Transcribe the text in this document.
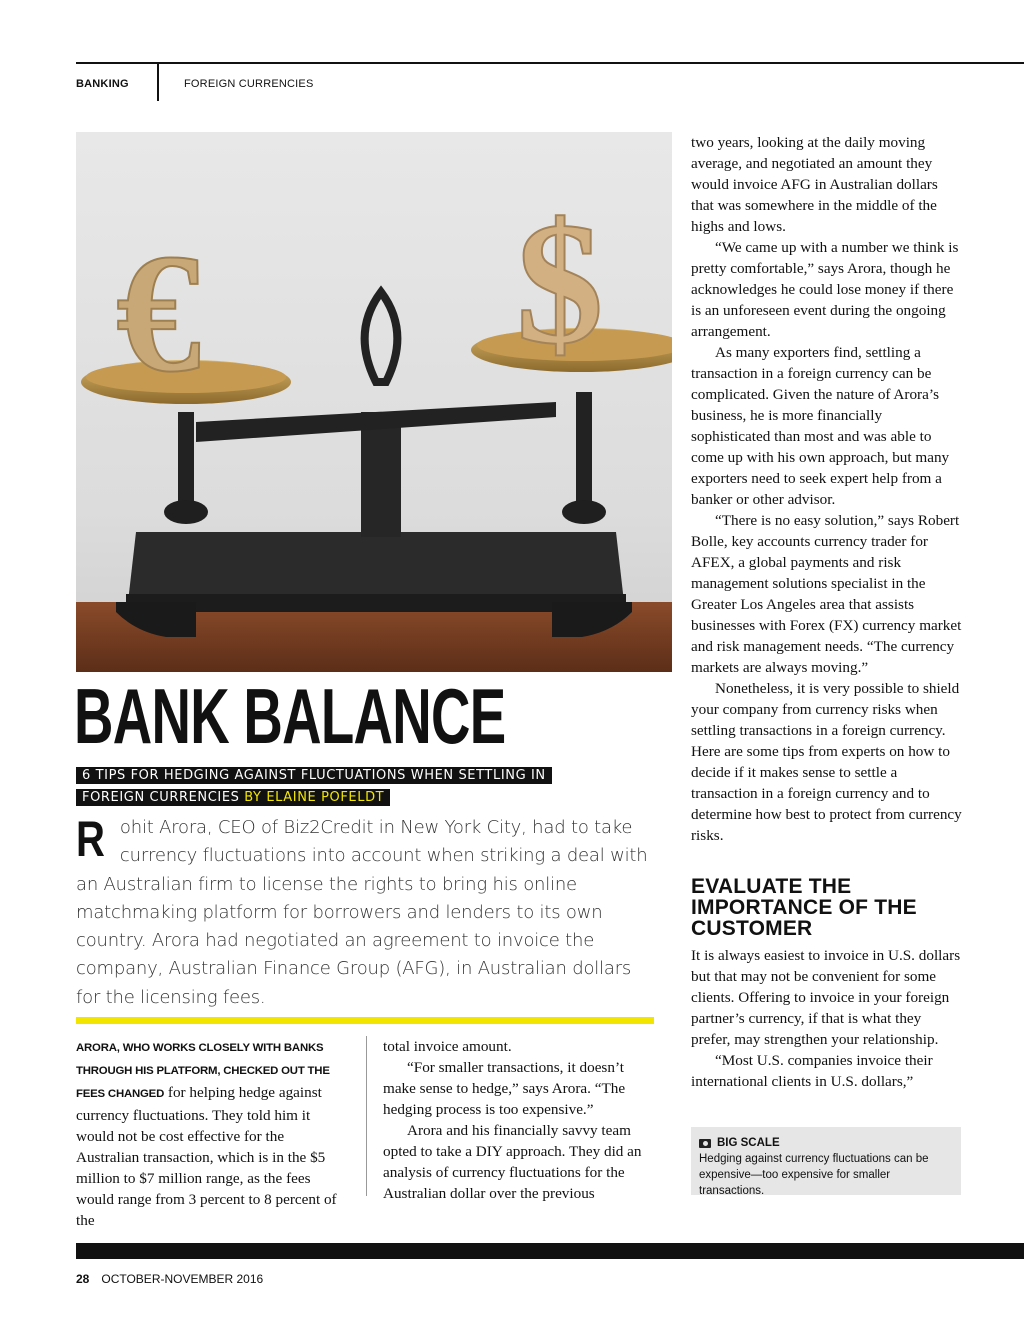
BANKING	FOREIGN CURRENCIES
€ $
BANK BALANCE
6 TIPS FOR HEDGING AGAINST FLUCTUATIONS WHEN SETTLING IN
FOREIGN CURRENCIES BY ELAINE POFELDT
Rohit Arora, CEO of Biz2Credit in New York City, had to take currency fluctuations into account when striking a deal with an Australian firm to license the rights to bring his online matchmaking platform for borrowers and lenders to its own country. Arora had negotiated an agreement to invoice the company, Australian Finance Group (AFG), in Australian dollars for the licensing fees.

ARORA, WHO WORKS CLOSELY WITH BANKS THROUGH HIS PLATFORM, CHECKED OUT THE FEES CHANGED for helping hedge against currency fluctuations. They told him it would not be cost effective for the Australian transaction, which is in the $5 million to $7 million range, as the fees would range from 3 percent to 8 percent of the

total invoice amount.

“For smaller transactions, it doesn’t make sense to hedge,” says Arora. “The hedging process is too expensive.”

Arora and his financially savvy team opted to take a DIY approach. They did an analysis of currency fluctuations for the Australian dollar over the previous

two years, looking at the daily moving average, and negotiated an amount they would invoice AFG in Australian dollars that was somewhere in the middle of the highs and lows.

“We came up with a number we think is pretty comfortable,” says Arora, though he acknowledges he could lose money if there is an unforeseen event during the ongoing arrangement.

As many exporters find, settling a transaction in a foreign currency can be complicated. Given the nature of Arora’s business, he is more financially sophisticated than most and was able to come up with his own approach, but many exporters need to seek expert help from a banker or other advisor.

“There is no easy solution,” says Robert Bolle, key accounts currency trader for AFEX, a global payments and risk management solutions specialist in the Greater Los Angeles area that assists businesses with Forex (FX) currency market and risk management needs. “The currency markets are always moving.”

Nonetheless, it is very possible to shield your company from currency risks when settling transactions in a foreign currency. Here are some tips from experts on how to decide if it makes sense to settle a transaction in a foreign currency and to determine how best to protect from currency risks.

EVALUATE THE IMPORTANCE OF THE CUSTOMER

It is always easiest to invoice in U.S. dollars but that may not be convenient for some clients. Offering to invoice in your foreign partner’s currency, if that is what they prefer, may strengthen your relationship.

“Most U.S. companies invoice their international clients in U.S. dollars,”

BIG SCALE
Hedging against currency fluctuations can be expensive—too expensive for smaller transactions.
28 OCTOBER-NOVEMBER 2016
